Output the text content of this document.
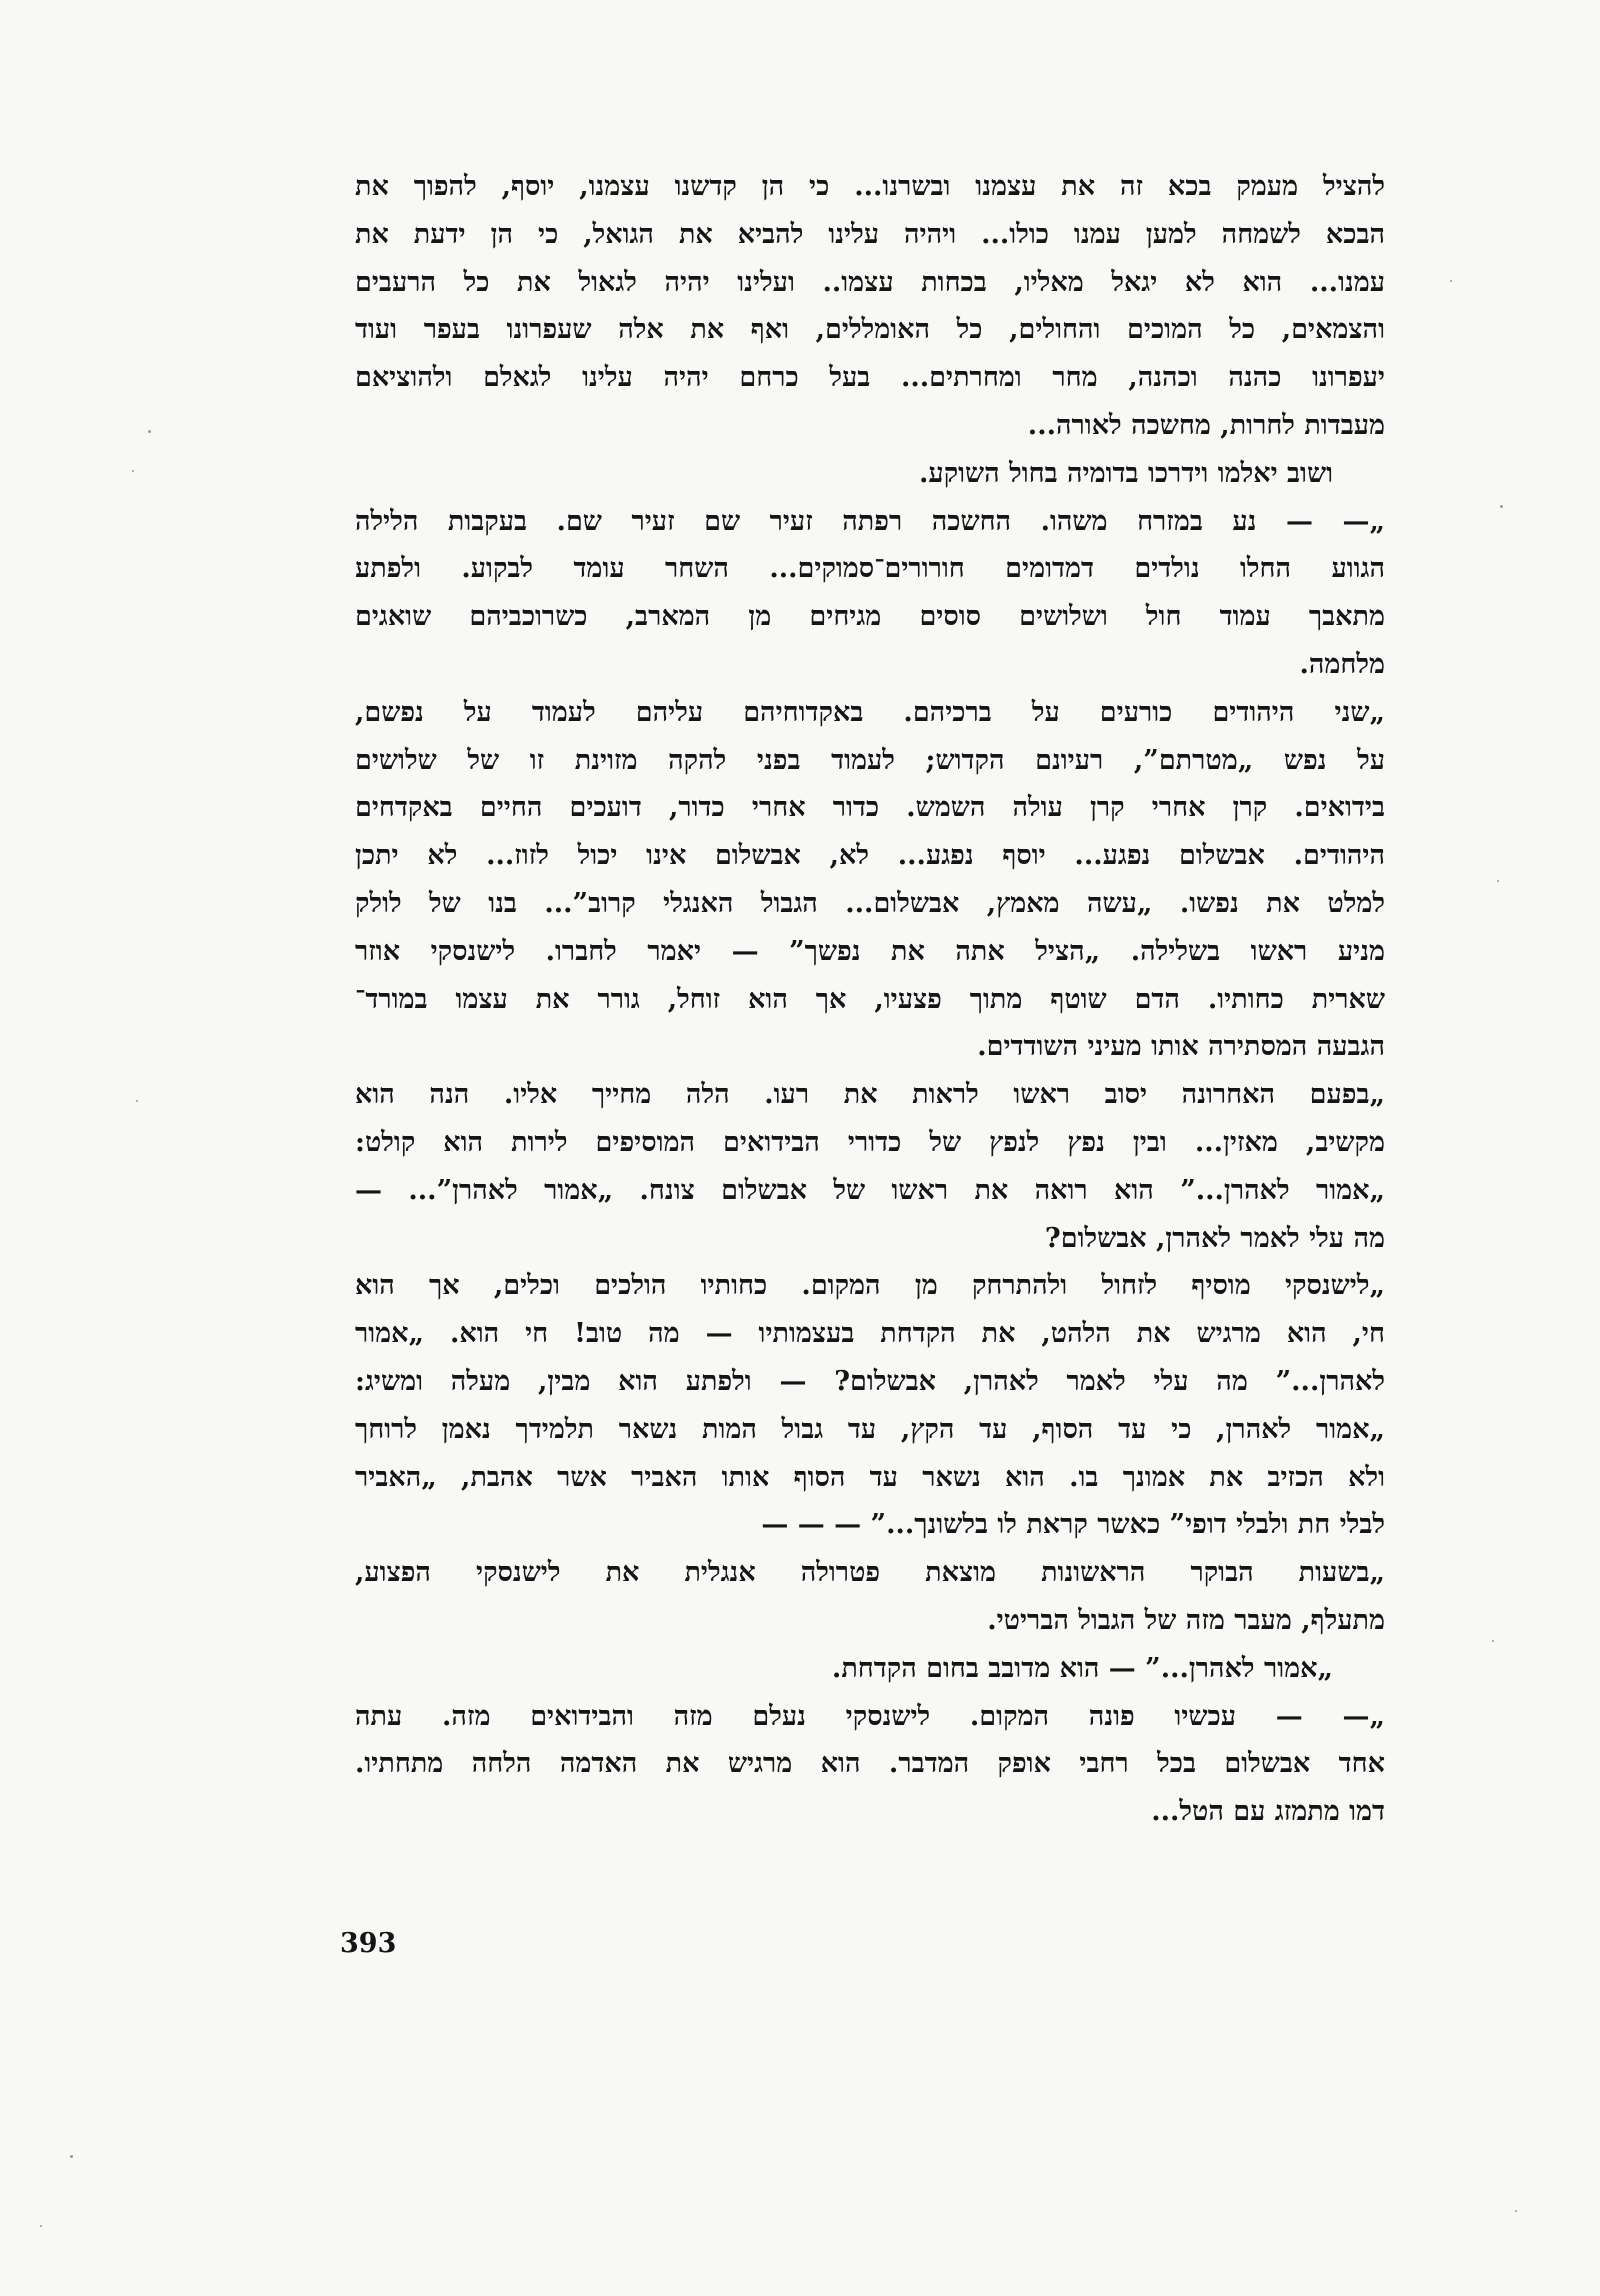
להציל מעמק בכא זה את עצמנו ובשרנו... כי הן קדשנו עצמנו, יוסף, להפוך את
הבכא לשמחה למען עמנו כולו... ויהיה עלינו להביא את הגואל, כי הן ידעת את
עמנו... הוא לא יגאל מאליו, בכחות עצמו.. ועלינו יהיה לגאול את כל הרעבים
והצמאים, כל המוכים והחולים, כל האומללים, ואף את אלה שעפרונו בעפר ועוד
יעפרונו כהנה וכהנה, מחר ומחרתים... בעל כרחם יהיה עלינו לגאלם ולהוציאם
מעבדות לחרות, מחשכה לאורה...
ושוב יאלמו וידרכו בדומיה בחול השוקע.
„— — נע במזרח משהו. החשכה רפתה זעיר שם זעיר שם. בעקבות הלילה
הגווע החלו נולדים דמדומים חורורים־סמוקים... השחר עומד לבקוע. ולפתע
מתאבך עמוד חול ושלושים סוסים מגיחים מן המארב, כשרוכביהם שואגים
מלחמה.
„שני היהודים כורעים על ברכיהם. באקדוחיהם עליהם לעמוד על נפשם,
על נפש „מטרתם”, רעיונם הקדוש; לעמוד בפני להקה מזוינת זו של שלושים
בידואים. קרן אחרי קרן עולה השמש. כדור אחרי כדור, דועכים החיים באקדחים
היהודים. אבשלום נפגע... יוסף נפגע... לא, אבשלום אינו יכול לזוז... לא יתכן
למלט את נפשו. „עשה מאמץ, אבשלום... הגבול האנגלי קרוב”... בנו של לולק
מניע ראשו בשלילה. „הציל אתה את נפשך” — יאמר לחברו. לישנסקי אוזר
שארית כחותיו. הדם שוטף מתוך פצעיו, אך הוא זוחל, גורר את עצמו במורד־
הגבעה המסתירה אותו מעיני השודדים.
„בפעם האחרונה יסוב ראשו לראות את רעו. הלה מחייך אליו. הנה הוא
מקשיב, מאזין... ובין נפץ לנפץ של כדורי הבידואים המוסיפים לירות הוא קולט:
„אמור לאהרן...” הוא רואה את ראשו של אבשלום צונח. „אמור לאהרן”... —
מה עלי לאמר לאהרן, אבשלום?
„לישנסקי מוסיף לזחול ולהתרחק מן המקום. כחותיו הולכים וכלים, אך הוא
חי, הוא מרגיש את הלהט, את הקדחת בעצמותיו — מה טוב! חי הוא. „אמור
לאהרן...” מה עלי לאמר לאהרן, אבשלום? — ולפתע הוא מבין, מעלה ומשיג:
„אמור לאהרן, כי עד הסוף, עד הקץ, עד גבול המות נשאר תלמידך נאמן לרוחך
ולא הכזיב את אמונך בו. הוא נשאר עד הסוף אותו האביר אשר אהבת, „האביר
לבלי חת ולבלי דופי” כאשר קראת לו בלשונך...” — — —
„בשעות הבוקר הראשונות מוצאת פטרולה אנגלית את לישנסקי הפצוע,
מתעלף, מעבר מזה של הגבול הבריטי.
„אמור לאהרן...” — הוא מדובב בחום הקדחת.
„— — עכשיו פונה המקום. לישנסקי נעלם מזה והבידואים מזה. עתה
אחד אבשלום בכל רחבי אופק המדבר. הוא מרגיש את האדמה הלחה מתחתיו.
דמו מתמזג עם הטל...
393
